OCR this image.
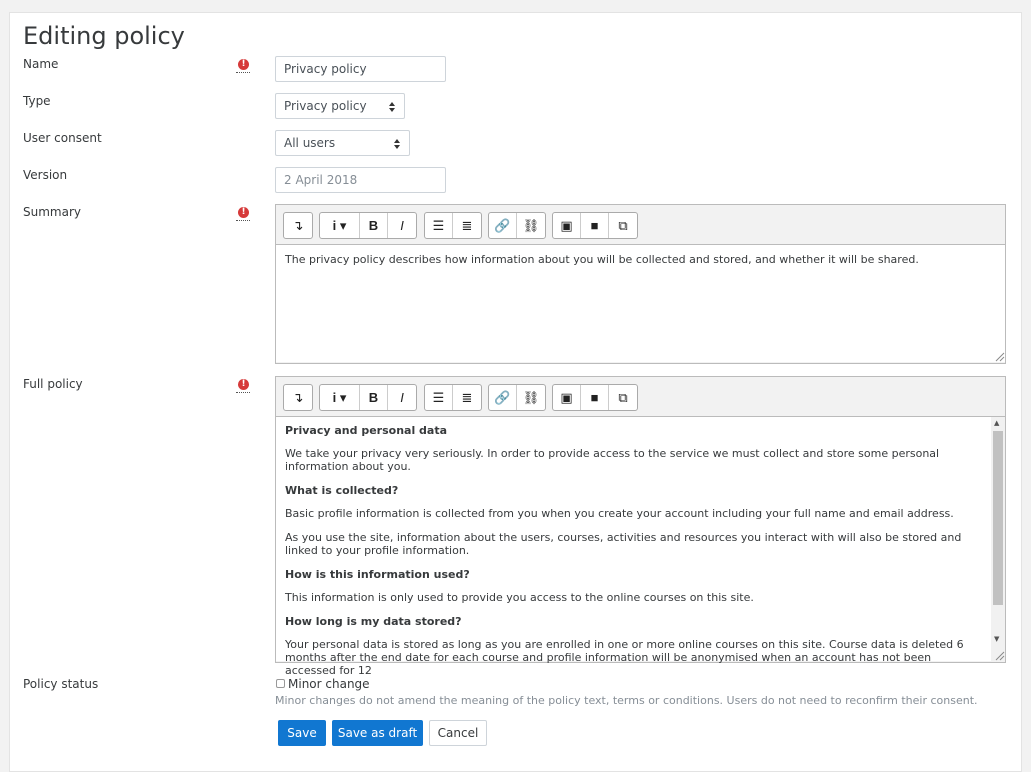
Editing policy
Name	!	Privacy policy
Type	Privacy policy
User consent	All users
Version	2 April 2018
Summary	!
↴	i ▾	B I	☰	≣	🔗 ⛓	▣	■	⧉

The privacy policy describes how information about you will be collected and stored, and whether it will be shared.

Full policy	!
↴	i ▾	B I	☰	≣	🔗 ⛓	▣	■	⧉

Privacy and personal data

We take your privacy very seriously. In order to provide access to the service we must collect and store some personal information about you.

What is collected?

Basic profile information is collected from you when you create your account including your full name and email address.

As you use the site, information about the users, courses, activities and resources you interact with will also be stored and linked to your profile information.

How is this information used?

This information is only used to provide you access to the online courses on this site.

How long is my data stored?

Your personal data is stored as long as you are enrolled in one or more online courses on this site. Course data is deleted 6 months after the end date for each course and profile information will be anonymised when an account has not been accessed for 12

▲
▼
Policy status	Minor change
Minor changes do not amend the meaning of the policy text, terms or conditions. Users do not need to reconfirm their consent.
Save	Save as draft	Cancel
